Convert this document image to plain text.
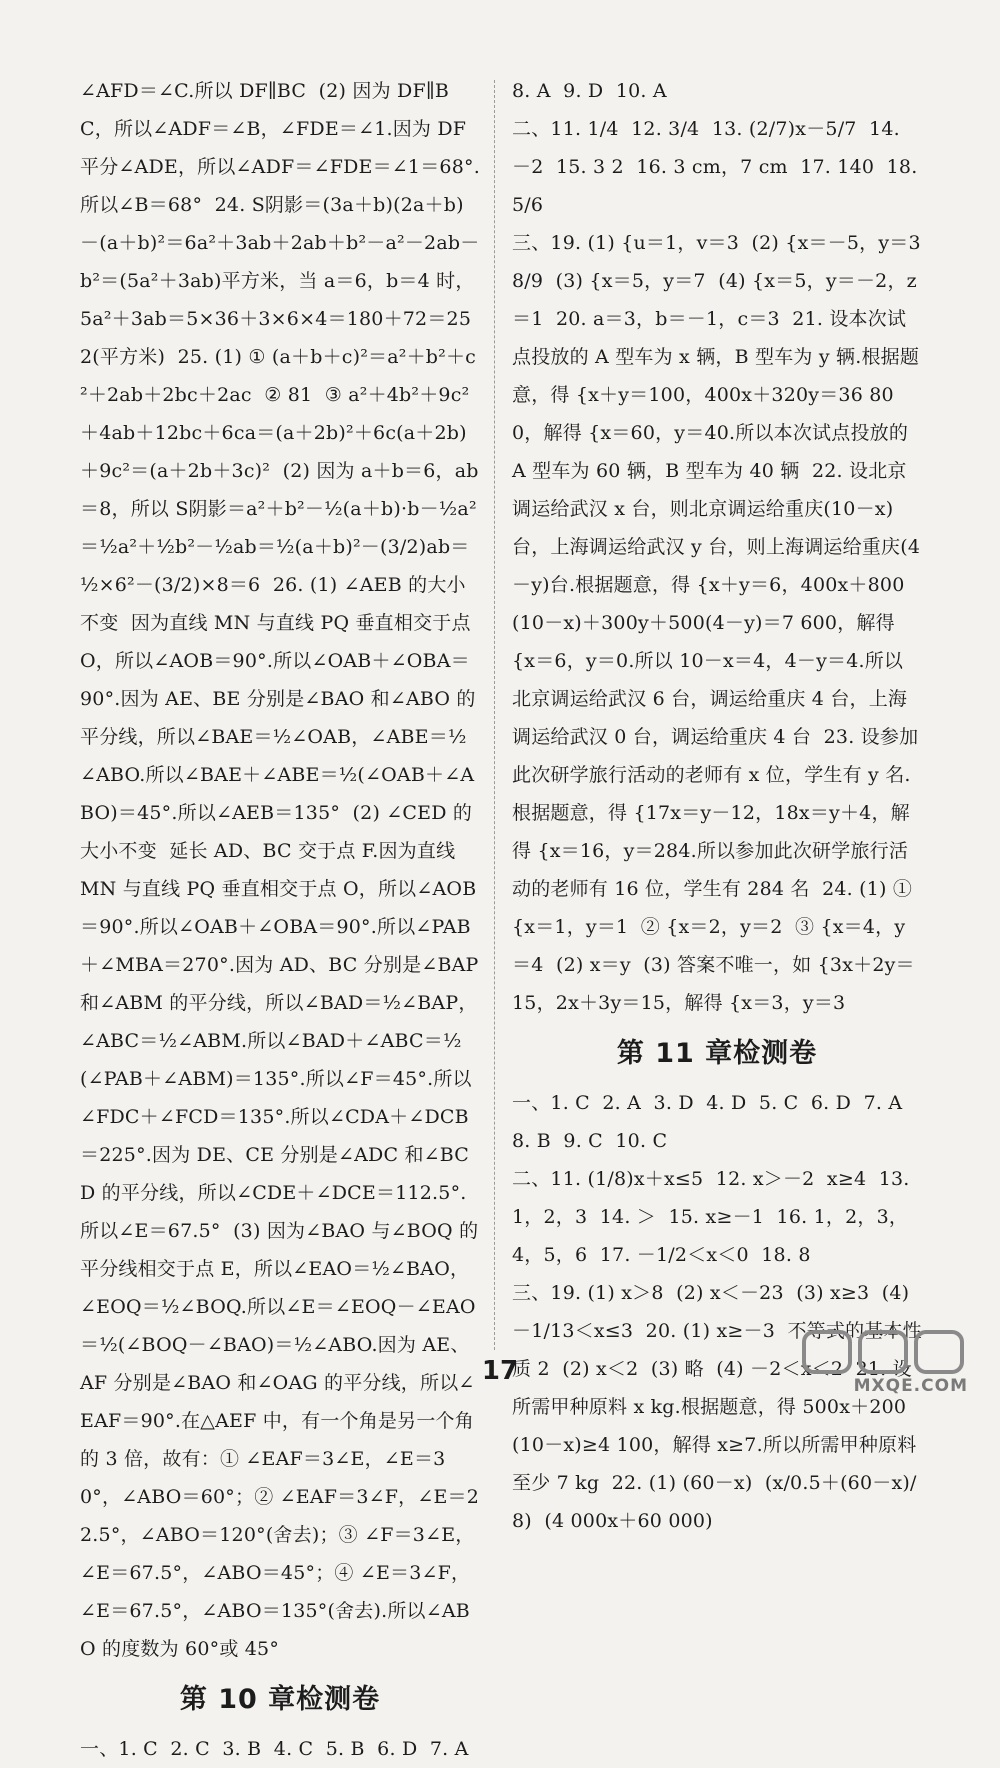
∠AFD＝∠C.所以 DF∥BC  (2) 因为 DF∥BC，所以∠ADF＝∠B，∠FDE＝∠1.因为 DF 平分∠ADE，所以∠ADF＝∠FDE＝∠1＝68°.所以∠B＝68°  24. S阴影＝(3a＋b)(2a＋b)－(a＋b)²＝6a²＋3ab＋2ab＋b²－a²－2ab－b²＝(5a²＋3ab)平方米，当 a＝6，b＝4 时，5a²＋3ab＝5×36＋3×6×4＝180＋72＝252(平方米)  25. (1) ① (a＋b＋c)²＝a²＋b²＋c²＋2ab＋2bc＋2ac  ② 81  ③ a²＋4b²＋9c²＋4ab＋12bc＋6ca＝(a＋2b)²＋6c(a＋2b)＋9c²＝(a＋2b＋3c)²  (2) 因为 a＋b＝6，ab＝8，所以 S阴影＝a²＋b²－½(a＋b)·b－½a²＝½a²＋½b²－½ab＝½(a＋b)²－(3/2)ab＝½×6²－(3/2)×8＝6  26. (1) ∠AEB 的大小不变  因为直线 MN 与直线 PQ 垂直相交于点 O，所以∠AOB＝90°.所以∠OAB＋∠OBA＝90°.因为 AE、BE 分别是∠BAO 和∠ABO 的平分线，所以∠BAE＝½∠OAB，∠ABE＝½∠ABO.所以∠BAE＋∠ABE＝½(∠OAB＋∠ABO)＝45°.所以∠AEB＝135°  (2) ∠CED 的大小不变  延长 AD、BC 交于点 F.因为直线 MN 与直线 PQ 垂直相交于点 O，所以∠AOB＝90°.所以∠OAB＋∠OBA＝90°.所以∠PAB＋∠MBA＝270°.因为 AD、BC 分别是∠BAP 和∠ABM 的平分线，所以∠BAD＝½∠BAP，∠ABC＝½∠ABM.所以∠BAD＋∠ABC＝½(∠PAB＋∠ABM)＝135°.所以∠F＝45°.所以∠FDC＋∠FCD＝135°.所以∠CDA＋∠DCB＝225°.因为 DE、CE 分别是∠ADC 和∠BCD 的平分线，所以∠CDE＋∠DCE＝112.5°.所以∠E＝67.5°  (3) 因为∠BAO 与∠BOQ 的平分线相交于点 E，所以∠EAO＝½∠BAO，∠EOQ＝½∠BOQ.所以∠E＝∠EOQ－∠EAO＝½(∠BOQ－∠BAO)＝½∠ABO.因为 AE、AF 分别是∠BAO 和∠OAG 的平分线，所以∠EAF＝90°.在△AEF 中，有一个角是另一个角的 3 倍，故有：① ∠EAF＝3∠E，∠E＝30°，∠ABO＝60°；② ∠EAF＝3∠F，∠E＝22.5°，∠ABO＝120°(舍去)；③ ∠F＝3∠E，∠E＝67.5°，∠ABO＝45°；④ ∠E＝3∠F，∠E＝67.5°，∠ABO＝135°(舍去).所以∠ABO 的度数为 60°或 45°
第 10 章检测卷
一、1. C  2. C  3. B  4. C  5. B  6. D  7. A
8. A  9. D  10. A
二、11. 1/4  12. 3/4  13. (2/7)x－5/7  14. －2  15. 3 2  16. 3 cm，7 cm  17. 140  18. 5/6
三、19. (1) {u＝1，v＝3  (2) {x＝－5，y＝38/9  (3) {x＝5，y＝7  (4) {x＝5，y＝－2，z＝1  20. a＝3，b＝－1，c＝3  21. 设本次试点投放的 A 型车为 x 辆，B 型车为 y 辆.根据题意，得 {x＋y＝100，400x＋320y＝36 800，解得 {x＝60，y＝40.所以本次试点投放的 A 型车为 60 辆，B 型车为 40 辆  22. 设北京调运给武汉 x 台，则北京调运给重庆(10－x)台，上海调运给武汉 y 台，则上海调运给重庆(4－y)台.根据题意，得 {x＋y＝6，400x＋800(10－x)＋300y＋500(4－y)＝7 600，解得 {x＝6，y＝0.所以 10－x＝4，4－y＝4.所以北京调运给武汉 6 台，调运给重庆 4 台，上海调运给武汉 0 台，调运给重庆 4 台  23. 设参加此次研学旅行活动的老师有 x 位，学生有 y 名.根据题意，得 {17x＝y－12，18x＝y＋4，解得 {x＝16，y＝284.所以参加此次研学旅行活动的老师有 16 位，学生有 284 名  24. (1) ① {x＝1，y＝1  ② {x＝2，y＝2  ③ {x＝4，y＝4  (2) x＝y  (3) 答案不唯一，如 {3x＋2y＝15，2x＋3y＝15，解得 {x＝3，y＝3
第 11 章检测卷
一、1. C  2. A  3. D  4. D  5. C  6. D  7. A  8. B  9. C  10. C
二、11. (1/8)x＋x≤5  12. x＞－2  x≥4  13. 1，2，3  14. ＞  15. x≥－1  16. 1，2，3，4，5，6  17. －1/2＜x＜0  18. 8
三、19. (1) x＞8  (2) x＜－23  (3) x≥3  (4) －1/13＜x≤3  20. (1) x≥－3  不等式的基本性质 2  (2) x＜2  (3) 略  (4) －2＜x＜2  21. 设所需甲种原料 x kg.根据题意，得 500x＋200(10－x)≥4 100，解得 x≥7.所以所需甲种原料至少 7 kg  22. (1) (60－x)  (x/0.5＋(60－x)/8)  (4 000x＋60 000)
17	MXQE.COM
